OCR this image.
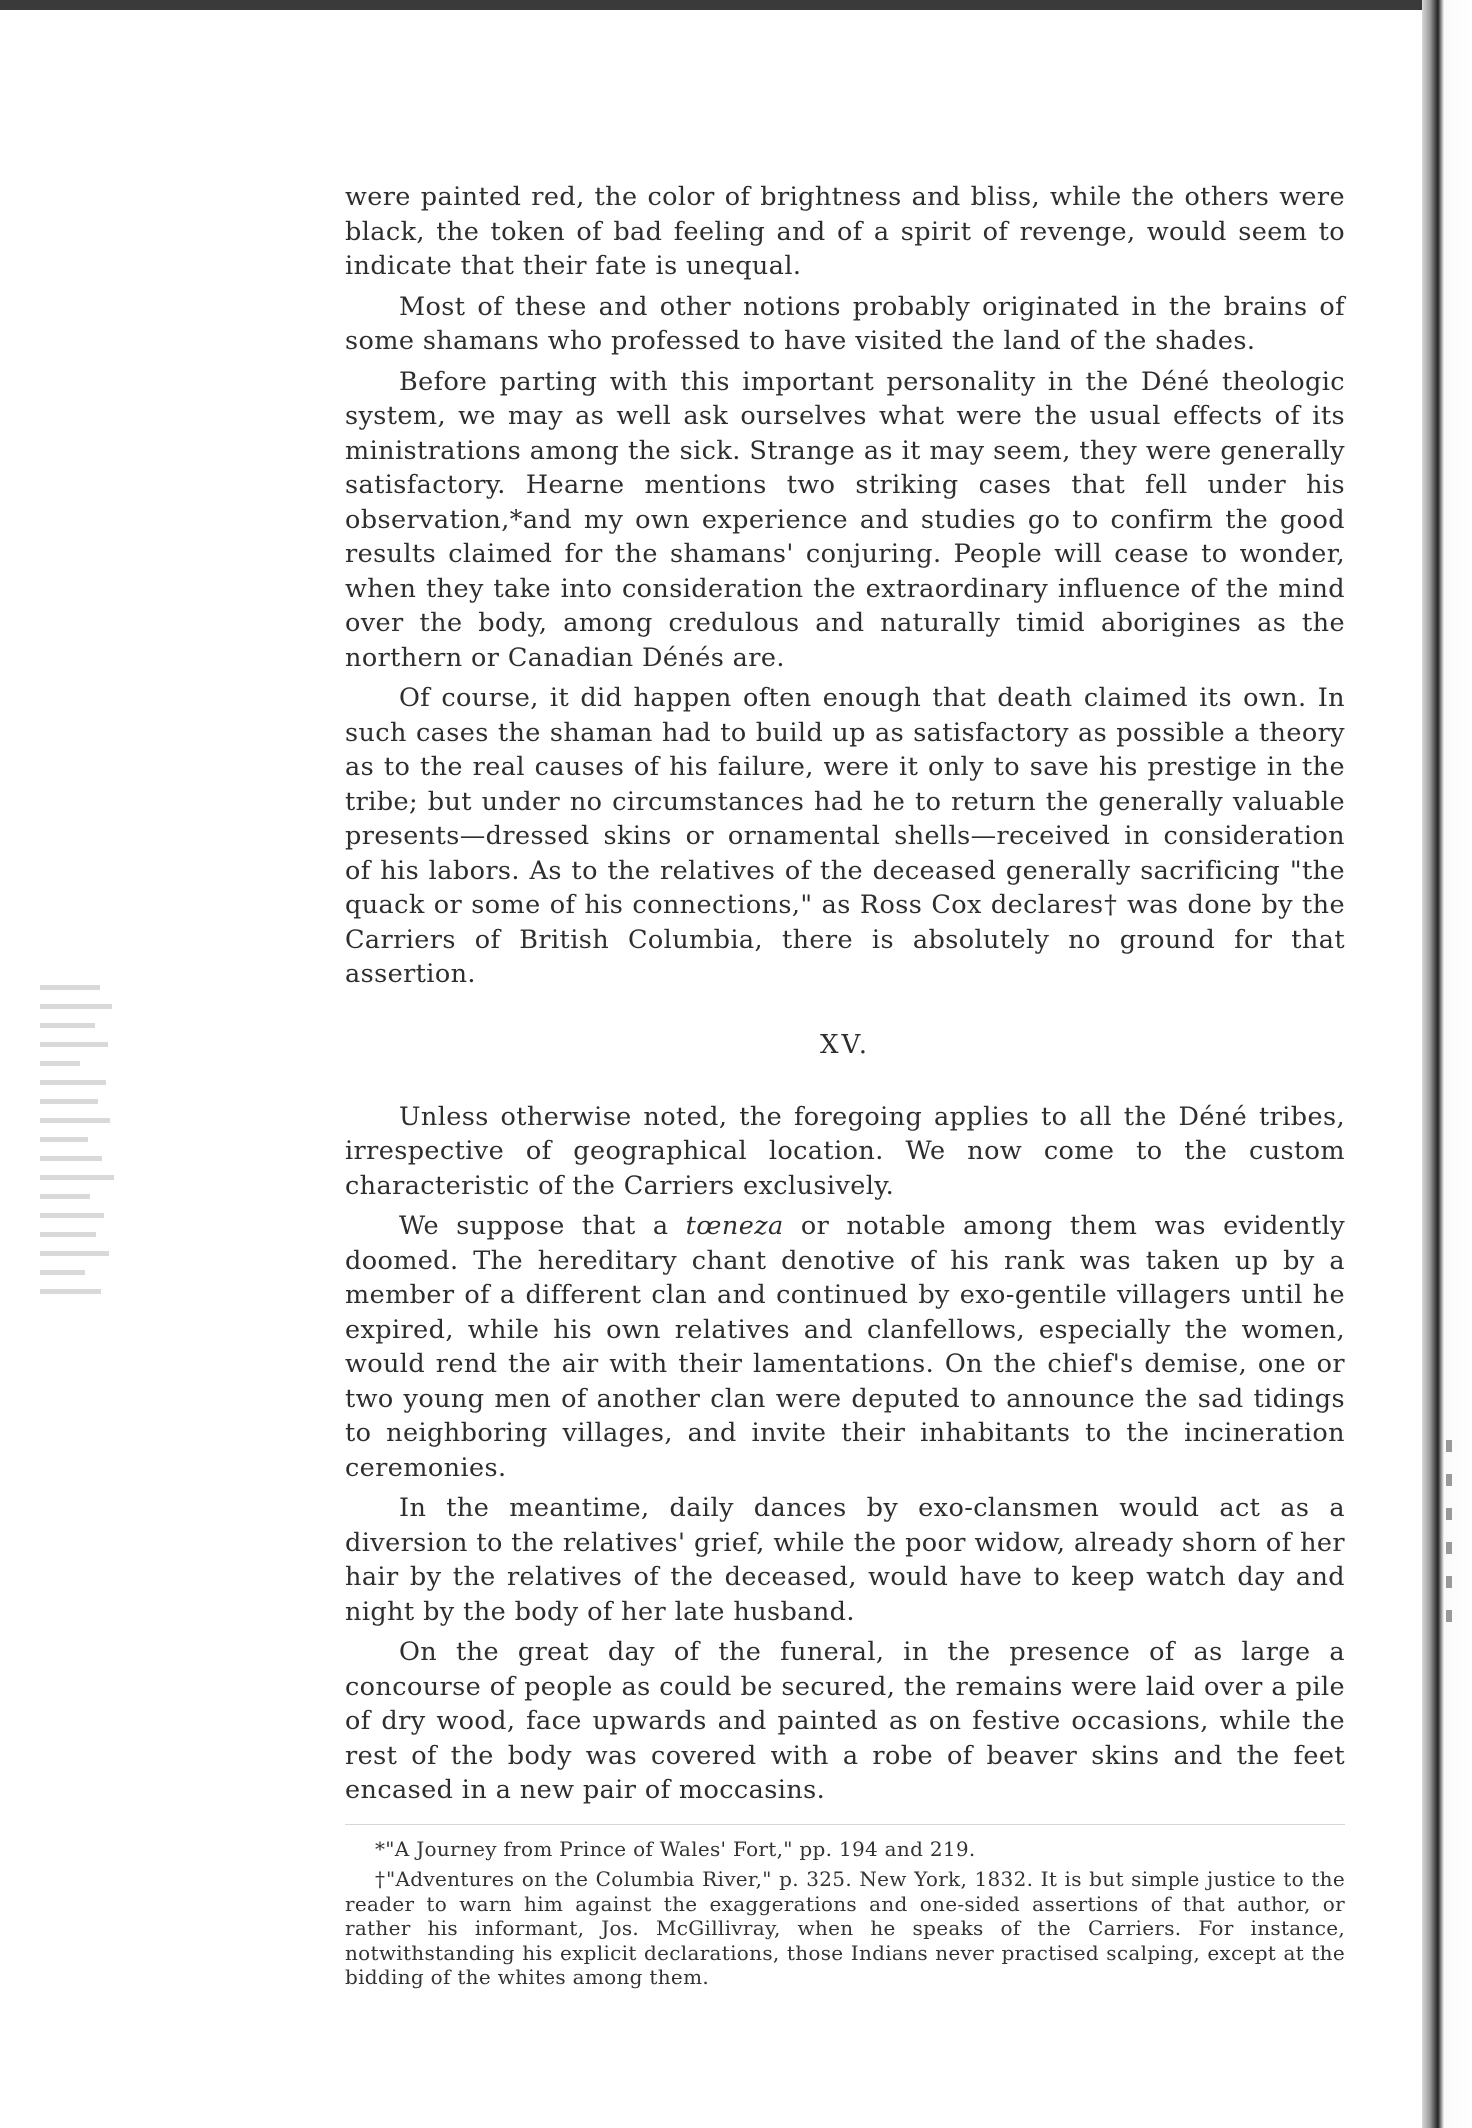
were painted red, the color of brightness and bliss, while the others were black, the token of bad feeling and of a spirit of revenge, would seem to indicate that their fate is unequal.

Most of these and other notions probably originated in the brains of some shamans who professed to have visited the land of the shades.

Before parting with this important personality in the Déné theologic system, we may as well ask ourselves what were the usual effects of its ministrations among the sick. Strange as it may seem, they were generally satisfactory. Hearne mentions two striking cases that fell under his observation,*and my own experience and studies go to confirm the good results claimed for the shamans' conjuring. People will cease to wonder, when they take into consideration the extraordinary influence of the mind over the body, among credulous and naturally timid aborigines as the northern or Canadian Dénés are.

Of course, it did happen often enough that death claimed its own. In such cases the shaman had to build up as satisfactory as possible a theory as to the real causes of his failure, were it only to save his prestige in the tribe; but under no circumstances had he to return the generally valuable presents—dressed skins or ornamental shells—received in consideration of his labors. As to the relatives of the deceased generally sacrificing "the quack or some of his connections," as Ross Cox declares† was done by the Carriers of British Columbia, there is absolutely no ground for that assertion.

XV.

Unless otherwise noted, the foregoing applies to all the Déné tribes, irrespective of geographical location. We now come to the custom characteristic of the Carriers exclusively.

We suppose that a tœneza or notable among them was evidently doomed. The hereditary chant denotive of his rank was taken up by a member of a different clan and continued by exo-gentile villagers until he expired, while his own relatives and clanfellows, especially the women, would rend the air with their lamentations. On the chief's demise, one or two young men of another clan were deputed to announce the sad tidings to neighboring villages, and invite their inhabitants to the incineration ceremonies.

In the meantime, daily dances by exo-clansmen would act as a diversion to the relatives' grief, while the poor widow, already shorn of her hair by the relatives of the deceased, would have to keep watch day and night by the body of her late husband.

On the great day of the funeral, in the presence of as large a concourse of people as could be secured, the remains were laid over a pile of dry wood, face upwards and painted as on festive occasions, while the rest of the body was covered with a robe of beaver skins and the feet encased in a new pair of moccasins.

*"A Journey from Prince of Wales' Fort," pp. 194 and 219.

†"Adventures on the Columbia River," p. 325. New York, 1832. It is but simple justice to the reader to warn him against the exaggerations and one-sided assertions of that author, or rather his informant, Jos. McGillivray, when he speaks of the Carriers. For instance, notwithstanding his explicit declarations, those Indians never practised scalping, except at the bidding of the whites among them.
